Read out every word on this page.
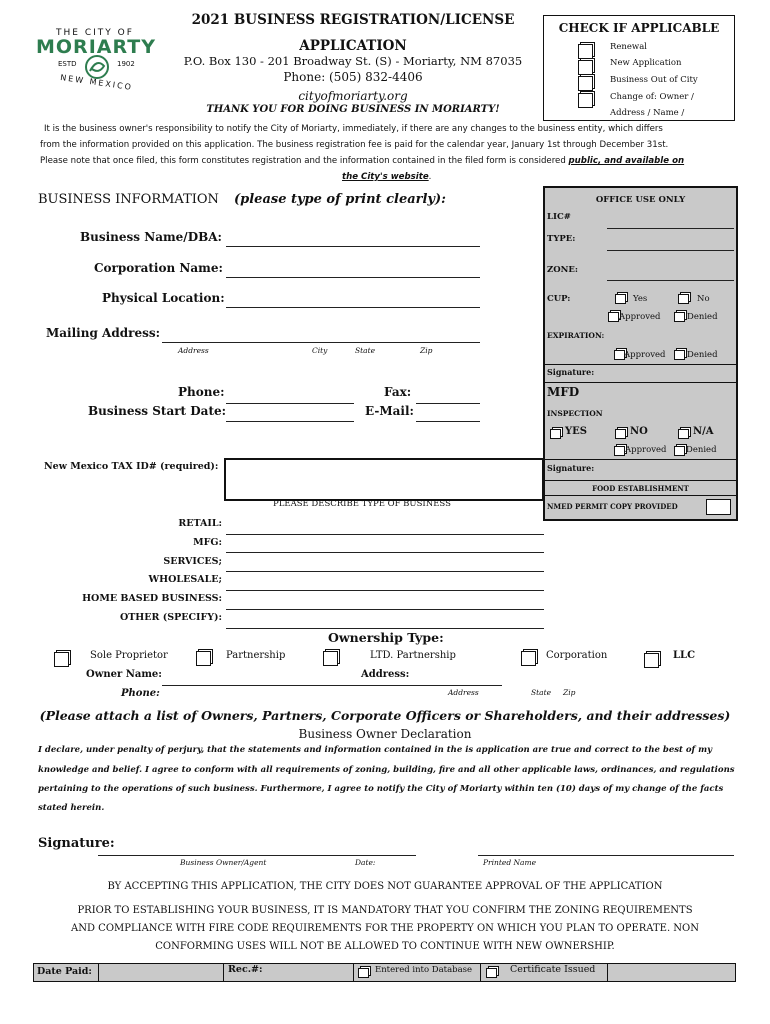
THE CITY OF
MORIARTY
ESTD	1902
NEW MEXICO
2021 BUSINESS REGISTRATION/LICENSE
APPLICATION
P.O. Box 130 - 201 Broadway St. (S) - Moriarty, NM 87035
Phone: (505) 832-4406
cityofmoriarty.org
THANK YOU FOR DOING BUSINESS IN MORIARTY!
CHECK IF APPLICABLE
Renewal
New Application
Business Out of City
Change of: Owner /
Address / Name /
It is the business owner's responsibility to notify the City of Moriarty, immediately, if there are any changes to the business entity, which differs
from the information provided on this application. The business registration fee is paid for the calendar year, January 1st through December 31st.
Please note that once filed, this form constitutes registration and the information contained in the filed form is considered public, and available on
the City's website.
BUSINESS INFORMATION (please type of print clearly):
Business Name/DBA:
Corporation Name:
Physical Location:
Mailing Address:
Address	City	State	Zip
Phone:	Fax:
Business Start Date:	E-Mail:
New Mexico TAX ID# (required):
PLEASE DESCRIBE TYPE OF BUSINESS
RETAIL:
MFG:
SERVICES;
WHOLESALE;
HOME BASED BUSINESS:
OTHER (SPECIFY):
OFFICE USE ONLY
LIC#
TYPE:
ZONE:
CUP:	Yes	No
Approved	Denied
EXPIRATION:
Approved	Denied
Signature:
MFD
INSPECTION
YES	NO	N/A
Approved Denied
Signature:
FOOD ESTABLISHMENT
NMED PERMIT COPY PROVIDED
Ownership Type:
Sole Proprietor	Partnership	LTD. Partnership	Corporation	LLC
Owner Name:	Address:
Phone:	Address	State Zip
(Please attach a list of Owners, Partners, Corporate Officers or Shareholders, and their addresses)
Business Owner Declaration
I declare, under penalty of perjury, that the statements and information contained in the is application are true and correct to the best of my
knowledge and belief. I agree to conform with all requirements of zoning, building, fire and all other applicable laws, ordinances, and regulations
pertaining to the operations of such business. Furthermore, I agree to notify the City of Moriarty within ten (10) days of my change of the facts
stated herein.
Signature:
Business Owner/Agent	Date:	Printed Name
BY ACCEPTING THIS APPLICATION, THE CITY DOES NOT GUARANTEE APPROVAL OF THE APPLICATION
PRIOR TO ESTABLISHING YOUR BUSINESS, IT IS MANDATORY THAT YOU CONFIRM THE ZONING REQUIREMENTS
AND COMPLIANCE WITH FIRE CODE REQUIREMENTS FOR THE PROPERTY ON WHICH YOU PLAN TO OPERATE. NON
CONFORMING USES WILL NOT BE ALLOWED TO CONTINUE WITH NEW OWNERSHIP.
Date Paid:	Rec.#:	Entered into Database	Certificate Issued
